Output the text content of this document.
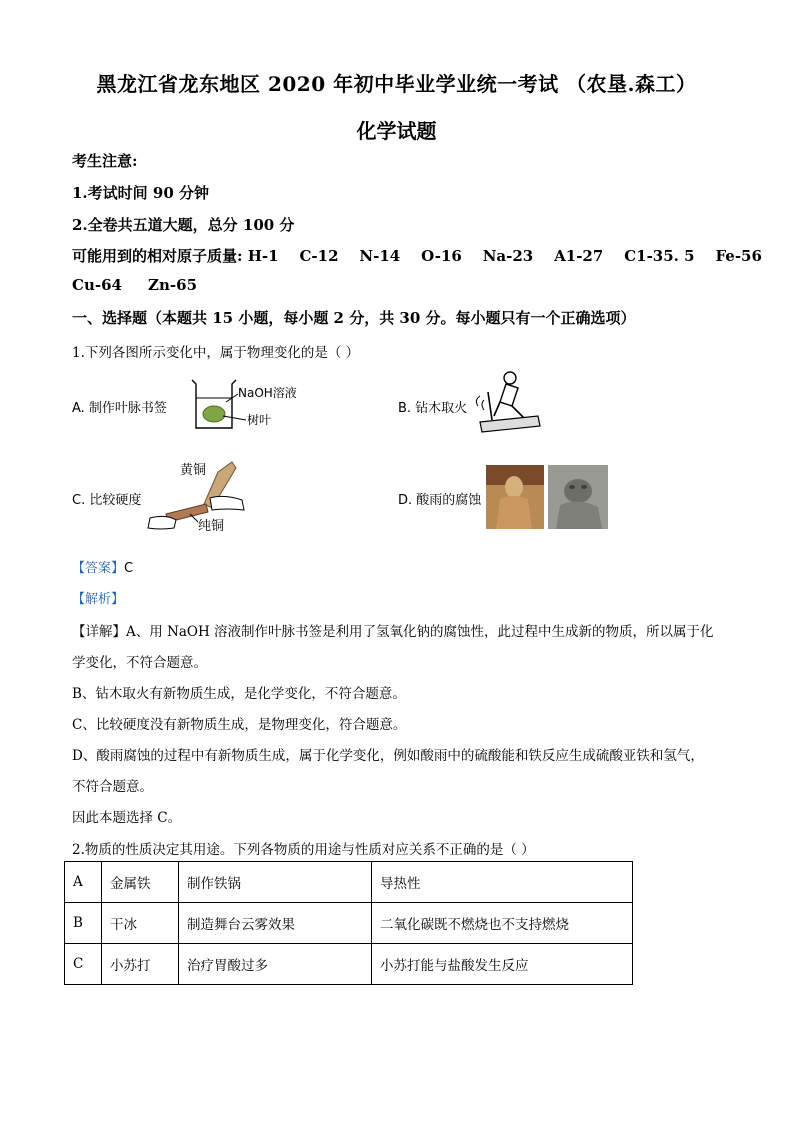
黑龙江省龙东地区 2020 年初中毕业学业统一考试 （农垦.森工）
化学试题
考生注意:
1.考试时间 90 分钟
2.全卷共五道大题，总分 100 分
可能用到的相对原子质量: H-1    C-12    N-14    O-16    Na-23    A1-27    C1-35. 5    Fe-56
Cu-64     Zn-65
一、选择题（本题共 15 小题，每小题 2 分，共 30 分。每小题只有一个正确选项）
1.下列各图所示变化中，属于物理变化的是（ ）
A. 制作叶脉书签
NaOH溶液
树叶
B. 钻木取火
C. 比较硬度
黄铜
纯铜
D. 酸雨的腐蚀
【答案】C
【解析】
【详解】A、用 NaOH 溶液制作叶脉书签是利用了氢氧化钠的腐蚀性，此过程中生成新的物质，所以属于化
学变化，不符合题意。
B、钻木取火有新物质生成，是化学变化，不符合题意。
C、比较硬度没有新物质生成，是物理变化，符合题意。
D、酸雨腐蚀的过程中有新物质生成，属于化学变化，例如酸雨中的硫酸能和铁反应生成硫酸亚铁和氢气，
不符合题意。
因此本题选择 C。
2.物质的性质决定其用途。下列各物质的用途与性质对应关系不正确的是（ ）
A	金属铁	制作铁锅	导热性
B	干冰	制造舞台云雾效果	二氧化碳既不燃烧也不支持燃烧
C	小苏打	治疗胃酸过多	小苏打能与盐酸发生反应
